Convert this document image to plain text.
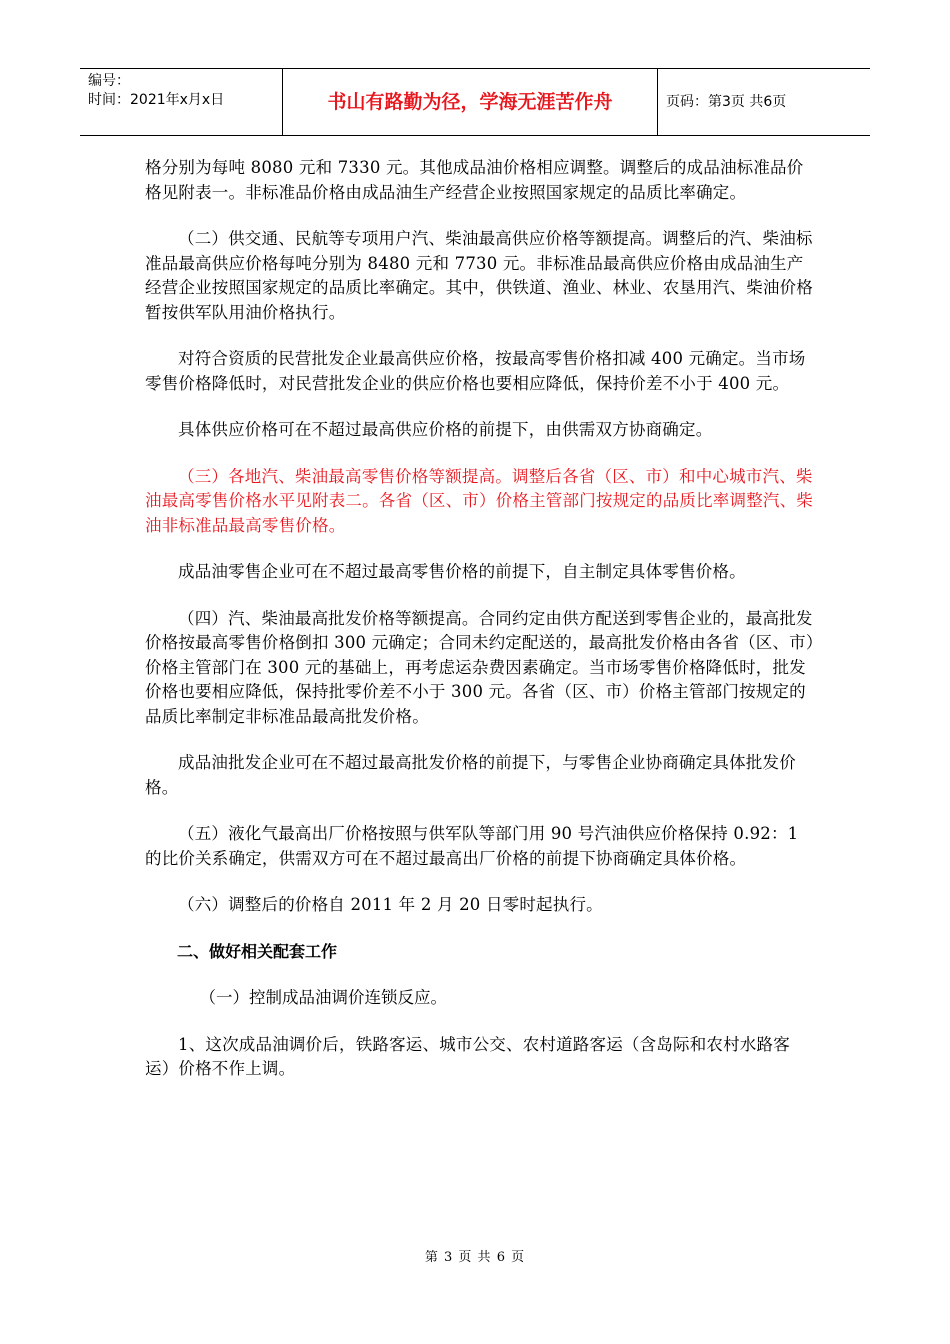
编号：
时间：2021年x月x日	书山有路勤为径，学海无涯苦作舟	页码：第3页 共6页

格分别为每吨 8080 元和 7330 元。其他成品油价格相应调整。调整后的成品油标准品价格见附表一。非标准品价格由成品油生产经营企业按照国家规定的品质比率确定。

（二）供交通、民航等专项用户汽、柴油最高供应价格等额提高。调整后的汽、柴油标准品最高供应价格每吨分别为 8480 元和 7730 元。非标准品最高供应价格由成品油生产经营企业按照国家规定的品质比率确定。其中，供铁道、渔业、林业、农垦用汽、柴油价格暂按供军队用油价格执行。

对符合资质的民营批发企业最高供应价格，按最高零售价格扣减 400 元确定。当市场零售价格降低时，对民营批发企业的供应价格也要相应降低，保持价差不小于 400 元。

具体供应价格可在不超过最高供应价格的前提下，由供需双方协商确定。

（三）各地汽、柴油最高零售价格等额提高。调整后各省（区、市）和中心城市汽、柴油最高零售价格水平见附表二。各省（区、市）价格主管部门按规定的品质比率调整汽、柴油非标准品最高零售价格。

成品油零售企业可在不超过最高零售价格的前提下，自主制定具体零售价格。

（四）汽、柴油最高批发价格等额提高。合同约定由供方配送到零售企业的，最高批发价格按最高零售价格倒扣 300 元确定；合同未约定配送的，最高批发价格由各省（区、市）价格主管部门在 300 元的基础上，再考虑运杂费因素确定。当市场零售价格降低时，批发价格也要相应降低，保持批零价差不小于 300 元。各省（区、市）价格主管部门按规定的品质比率制定非标准品最高批发价格。

成品油批发企业可在不超过最高批发价格的前提下，与零售企业协商确定具体批发价格。

（五）液化气最高出厂价格按照与供军队等部门用 90 号汽油供应价格保持 0.92：1 的比价关系确定，供需双方可在不超过最高出厂价格的前提下协商确定具体价格。

（六）调整后的价格自 2011 年 2 月 20 日零时起执行。

二、做好相关配套工作

（一）控制成品油调价连锁反应。

1、这次成品油调价后，铁路客运、城市公交、农村道路客运（含岛际和农村水路客运）价格不作上调。

第 3 页 共 6 页
